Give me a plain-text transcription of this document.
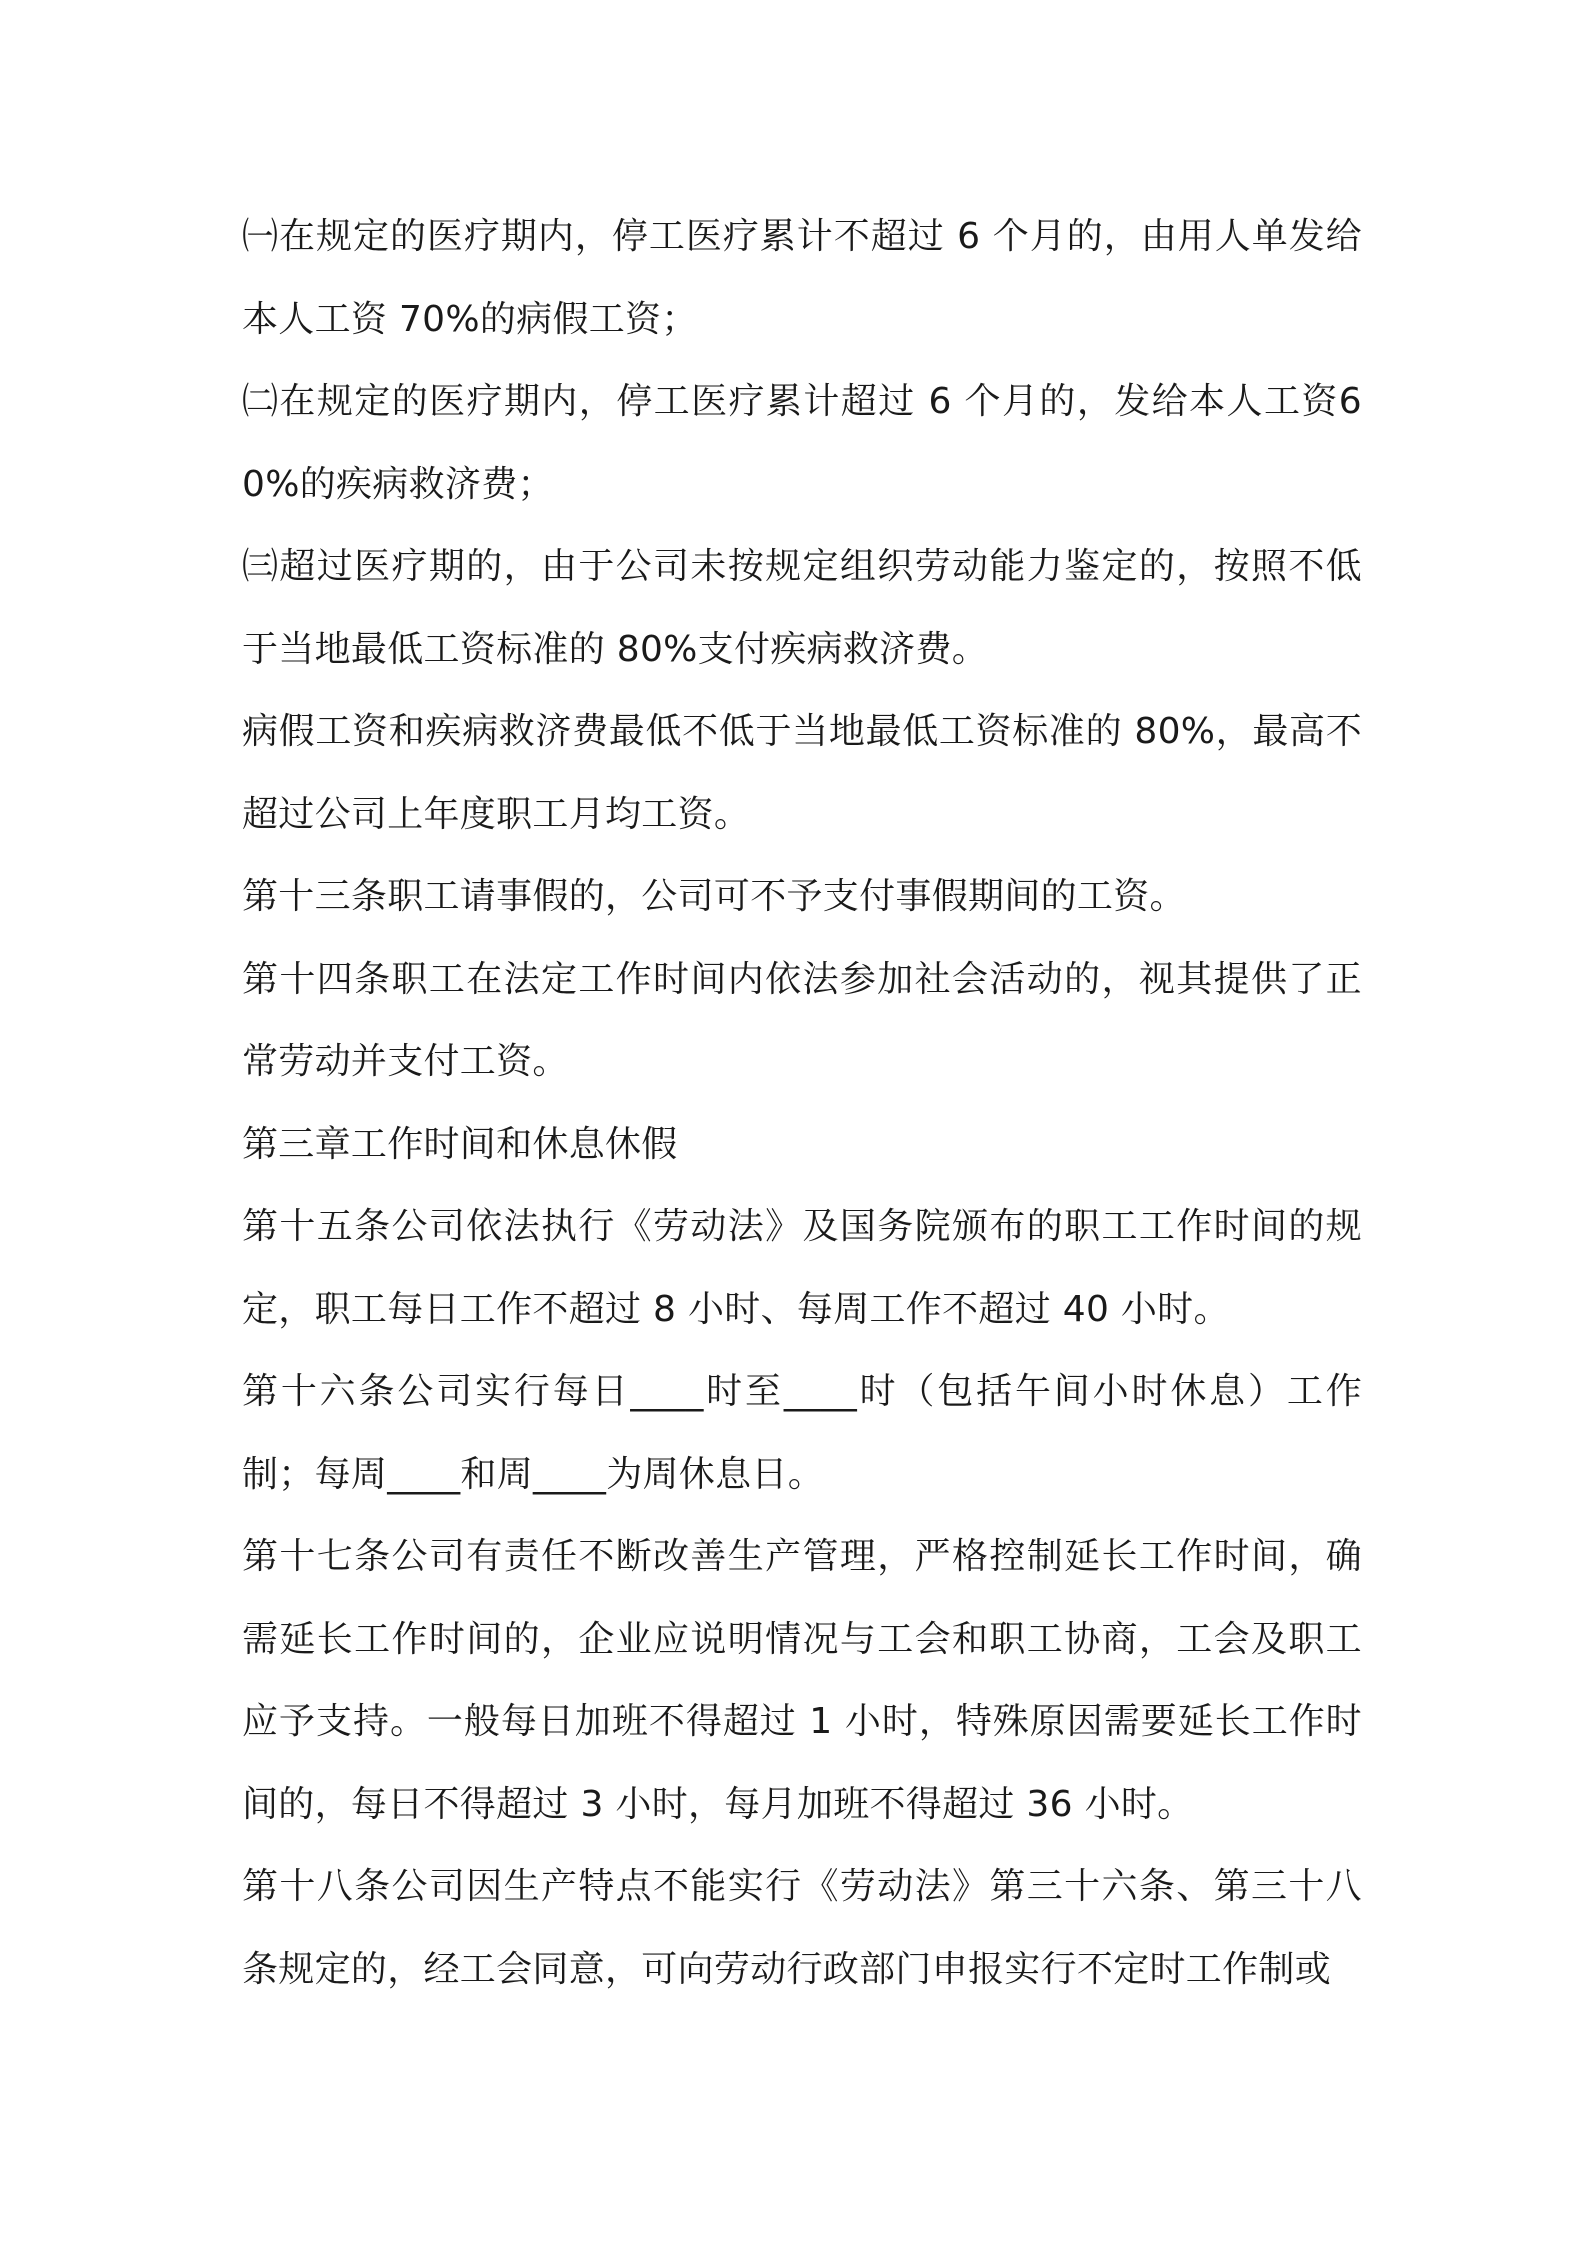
㈠在规定的医疗期内，停工医疗累计不超过 6 个月的，由用人单发给本人工资 70%的病假工资；

㈡在规定的医疗期内，停工医疗累计超过 6 个月的，发给本人工资60%的疾病救济费；

㈢超过医疗期的，由于公司未按规定组织劳动能力鉴定的，按照不低于当地最低工资标准的 80%支付疾病救济费。

病假工资和疾病救济费最低不低于当地最低工资标准的 80%，最高不超过公司上年度职工月均工资。

第十三条职工请事假的，公司可不予支付事假期间的工资。

第十四条职工在法定工作时间内依法参加社会活动的，视其提供了正常劳动并支付工资。

第三章工作时间和休息休假

第十五条公司依法执行《劳动法》及国务院颁布的职工工作时间的规定，职工每日工作不超过 8 小时、每周工作不超过 40 小时。

第十六条公司实行每日____时至____时（包括午间小时休息）工作制；每周____和周____为周休息日。

第十七条公司有责任不断改善生产管理，严格控制延长工作时间，确需延长工作时间的，企业应说明情况与工会和职工协商，工会及职工应予支持。一般每日加班不得超过 1 小时，特殊原因需要延长工作时间的，每日不得超过 3 小时，每月加班不得超过 36 小时。

第十八条公司因生产特点不能实行《劳动法》第三十六条、第三十八条规定的，经工会同意，可向劳动行政部门申报实行不定时工作制或
